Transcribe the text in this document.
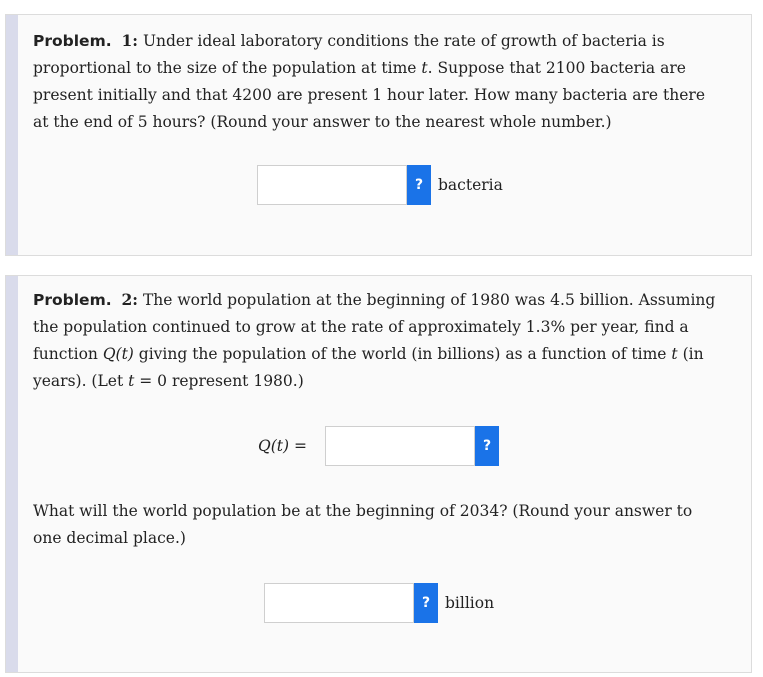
Problem. 1: Under ideal laboratory conditions the rate of growth of bacteria is proportional to the size of the population at time t. Suppose that 2100 bacteria are present initially and that 4200 are present 1 hour later. How many bacteria are there at the end of 5 hours? (Round your answer to the nearest whole number.)
? bacteria
Problem. 2: The world population at the beginning of 1980 was 4.5 billion. Assuming the population continued to grow at the rate of approximately 1.3% per year, find a function Q(t) giving the population of the world (in billions) as a function of time t (in years). (Let t = 0 represent 1980.)
Q(t) =	?
What will the world population be at the beginning of 2034? (Round your answer to one decimal place.)
? billion
